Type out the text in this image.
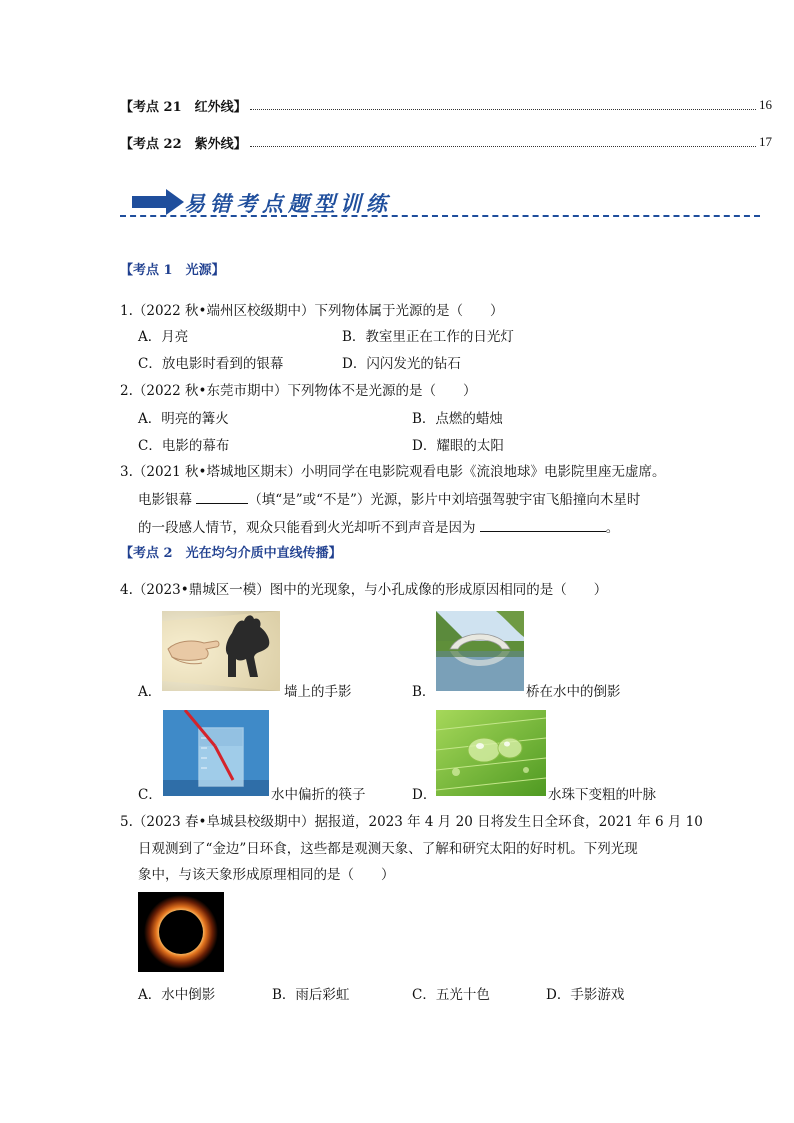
【考点 21　红外线】	16
【考点 22　紫外线】	17
易错考点题型训练
【考点 1　光源】
1.（2022 秋•端州区校级期中）下列物体属于光源的是（　　）
A．月亮	B．教室里正在工作的日光灯
C．放电影时看到的银幕	D．闪闪发光的钻石
2.（2022 秋•东莞市期中）下列物体不是光源的是（　　）
A．明亮的篝火	B．点燃的蜡烛
C．电影的幕布	D．耀眼的太阳
3.（2021 秋•塔城地区期末）小明同学在电影院观看电影《流浪地球》电影院里座无虚席。
电影银幕	（填“是”或“不是”）光源，影片中刘培强驾驶宇宙飞船撞向木星时
的一段感人情节，观众只能看到火光却听不到声音是因为	。
【考点 2　光在均匀介质中直线传播】
4.（2023•鼎城区一模）图中的光现象，与小孔成像的形成原因相同的是（　　）
A．	墙上的手影	B．	桥在水中的倒影
C．	水中偏折的筷子	D．	水珠下变粗的叶脉
5.（2023 春•阜城县校级期中）据报道，2023 年 4 月 20 日将发生日全环食，2021 年 6 月 10
日观测到了“金边”日环食，这些都是观测天象、了解和研究太阳的好时机。下列光现
象中，与该天象形成原理相同的是（　　）
A．水中倒影	B．雨后彩虹	C．五光十色	D．手影游戏
